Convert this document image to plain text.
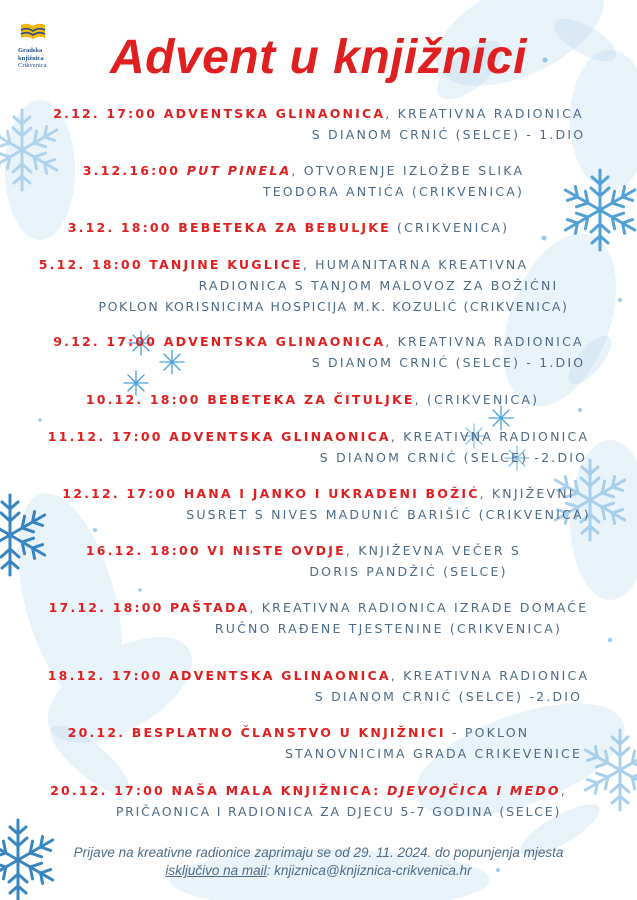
Gradska
knjižnica
Crikvenica	Advent u knjižnici
2.12. 17:00 ADVENTSKA GLINAONICA, KREATIVNA RADIONICA
S DIANOM CRNIĆ (SELCE) - 1.DIO
3.12.16:00 PUT PINELA, OTVORENJE IZLOŽBE SLIKA
TEODORA ANTIĆA (CRIKVENICA)
3.12. 18:00 BEBETEKA ZA BEBULJKE (CRIKVENICA)
5.12. 18:00 TANJINE KUGLICE, HUMANITARNA KREATIVNA
RADIONICA S TANJOM MALOVOZ ZA BOŽIĆNI
POKLON KORISNICIMA HOSPICIJA M.K. KOZULIĆ (CRIKVENICA)
9.12. 17:00 ADVENTSKA GLINAONICA, KREATIVNA RADIONICA
S DIANOM CRNIĆ (SELCE) - 1.DIO
10.12. 18:00 BEBETEKA ZA ČITULJKE, (CRIKVENICA)
11.12. 17:00 ADVENTSKA GLINAONICA, KREATIVNA RADIONICA
S DIANOM CRNIĆ (SELCE) -2.DIO
12.12. 17:00 HANA I JANKO I UKRADENI BOŽIĆ, KNJIŽEVNI
SUSRET S NIVES MADUNIĆ BARIŠIĆ (CRIKVENICA)
16.12. 18:00 VI NISTE OVDJE, KNJIŽEVNA VEČER S
DORIS PANDŽIĆ (SELCE)
17.12. 18:00 PAŠTADA, KREATIVNA RADIONICA IZRADE DOMAĆE
RUČNO RAĐENE TJESTENINE (CRIKVENICA)
18.12. 17:00 ADVENTSKA GLINAONICA, KREATIVNA RADIONICA
S DIANOM CRNIĆ (SELCE) -2.DIO
20.12. BESPLATNO ČLANSTVO U KNJIŽNICI - POKLON
STANOVNICIMA GRADA CRIKEVENICE
20.12. 17:00 NAŠA MALA KNJIŽNICA: DJEVOJČICA I MEDO,
PRIČAONICA I RADIONICA ZA DJECU 5-7 GODINA (SELCE)
Prijave na kreativne radionice zaprimaju se od 29. 11. 2024. do popunjenja mjesta
isključivo na mail: knjiznica@knjiznica-crikvenica.hr
